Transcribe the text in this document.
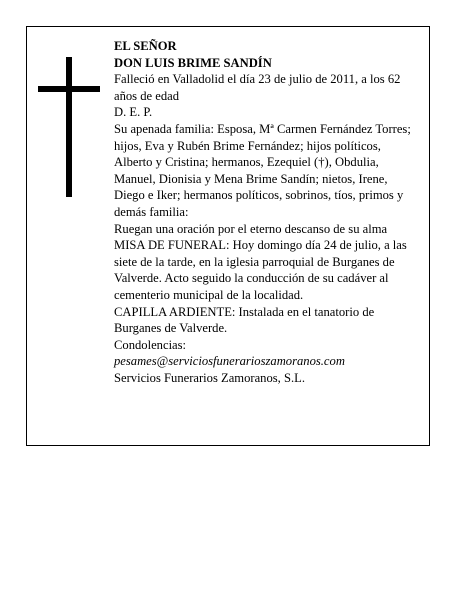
EL SEÑOR

DON LUIS BRIME SANDÍN

Falleció en Valladolid el día 23 de julio de 2011, a los 62 años de edad

D. E. P.

Su apenada familia: Esposa, Mª Carmen Fernández Torres; hijos, Eva y Rubén Brime Fernández; hijos políticos, Alberto y Cristina; hermanos, Ezequiel (†), Obdulia, Manuel, Dionisia y Mena Brime Sandín; nietos, Irene, Diego e Iker; hermanos políticos, sobrinos, tíos, primos y demás familia:

Ruegan una oración por el eterno descanso de su alma

MISA DE FUNERAL: Hoy domingo día 24 de julio, a las siete de la tarde, en la iglesia parroquial de Burganes de Valverde. Acto seguido la conducción de su cadáver al cementerio municipal de la localidad.

CAPILLA ARDIENTE: Instalada en el tanatorio de Burganes de Valverde.

Condolencias:

pesames@serviciosfunerarioszamoranos.com

Servicios Funerarios Zamoranos, S.L.
